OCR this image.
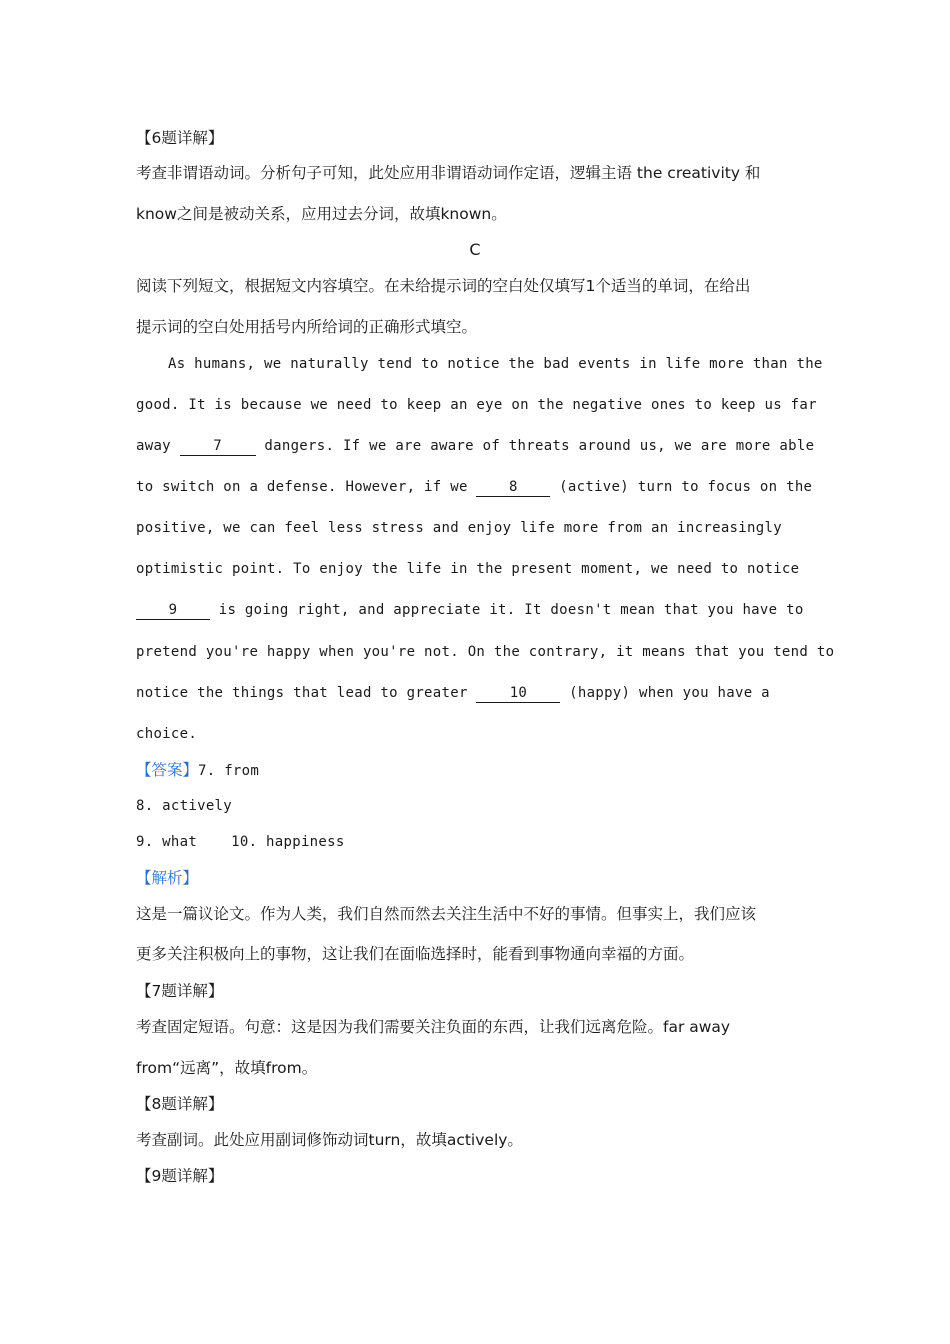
【6题详解】
考查非谓语动词。分析句子可知，此处应用非谓语动词作定语，逻辑主语 the creativity 和
know之间是被动关系，应用过去分词，故填known。
C
阅读下列短文，根据短文内容填空。在未给提示词的空白处仅填写1个适当的单词，在给出
提示词的空白处用括号内所给词的正确形式填空。
As humans, we naturally tend to notice the bad events in life more than the
good. It is because we need to keep an eye on the negative ones to keep us far
away 7 dangers. If we are aware of threats around us, we are more able
to switch on a defense. However, if we 8 (active) turn to focus on the
positive, we can feel less stress and enjoy life more from an increasingly
optimistic point. To enjoy the life in the present moment, we need to notice
9 is going right, and appreciate it. It doesn't mean that you have to
pretend you're happy when you're not. On the contrary, it means that you tend to
notice the things that lead to greater 10 (happy) when you have a
choice.
【答案】7. from
8. actively
9. what 10. happiness
【解析】
这是一篇议论文。作为人类，我们自然而然去关注生活中不好的事情。但事实上，我们应该
更多关注积极向上的事物，这让我们在面临选择时，能看到事物通向幸福的方面。
【7题详解】
考查固定短语。句意：这是因为我们需要关注负面的东西，让我们远离危险。far away
from“远离”，故填from。
【8题详解】
考查副词。此处应用副词修饰动词turn，故填actively。
【9题详解】
